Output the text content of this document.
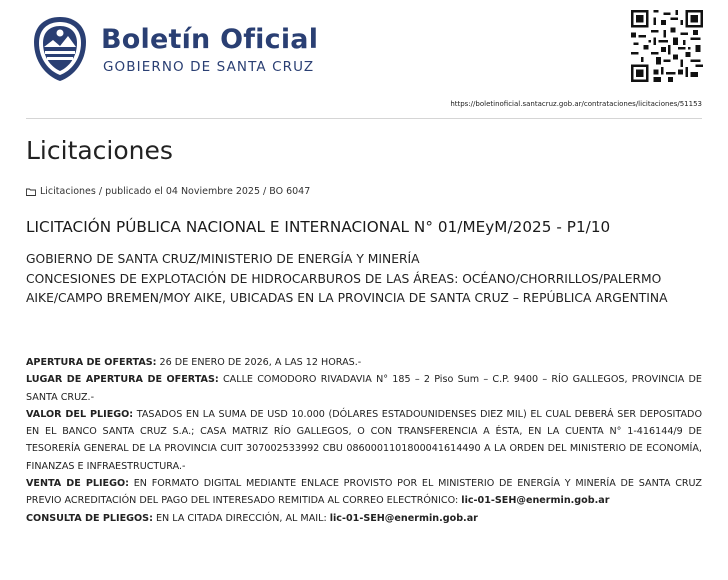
Boletín Oficial
GOBIERNO DE SANTA CRUZ
https://boletinoficial.santacruz.gob.ar/contrataciones/licitaciones/51153
Licitaciones
Licitaciones / publicado el 04 Noviembre 2025 / BO 6047
LICITACIÓN PÚBLICA NACIONAL E INTERNACIONAL N° 01/MEyM/2025 - P1/10

GOBIERNO DE SANTA CRUZ/MINISTERIO DE ENERGÍA Y MINERÍA

CONCESIONES DE EXPLOTACIÓN DE HIDROCARBUROS DE LAS ÁREAS: OCÉANO/CHORRILLOS/PALERMO AIKE/CAMPO BREMEN/MOY AIKE, UBICADAS EN LA PROVINCIA DE SANTA CRUZ – REPÚBLICA ARGENTINA

APERTURA DE OFERTAS: 26 DE ENERO DE 2026, A LAS 12 HORAS.-

LUGAR DE APERTURA DE OFERTAS: CALLE COMODORO RIVADAVIA N° 185 – 2 Piso Sum – C.P. 9400 – RÍO GALLEGOS, PROVINCIA DE SANTA CRUZ.-

VALOR DEL PLIEGO: TASADOS EN LA SUMA DE USD 10.000 (DÓLARES ESTADOUNIDENSES DIEZ MIL) EL CUAL DEBERÁ SER DEPOSITADO EN EL BANCO SANTA CRUZ S.A.; CASA MATRIZ RÍO GALLEGOS, O CON TRANSFERENCIA A ÉSTA, EN LA CUENTA N° 1-416144/9 DE TESORERÍA GENERAL DE LA PROVINCIA CUIT 307002533992 CBU 0860001101800041614490 A LA ORDEN DEL MINISTERIO DE ECONOMÍA, FINANZAS E INFRAESTRUCTURA.-

VENTA DE PLIEGO: EN FORMATO DIGITAL MEDIANTE ENLACE PROVISTO POR EL MINISTERIO DE ENERGÍA Y MINERÍA DE SANTA CRUZ PREVIO ACREDITACIÓN DEL PAGO DEL INTERESADO REMITIDA AL CORREO ELECTRÓNICO: lic-01-SEH@enermin.gob.ar

CONSULTA DE PLIEGOS: EN LA CITADA DIRECCIÓN, AL MAIL: lic-01-SEH@enermin.gob.ar
